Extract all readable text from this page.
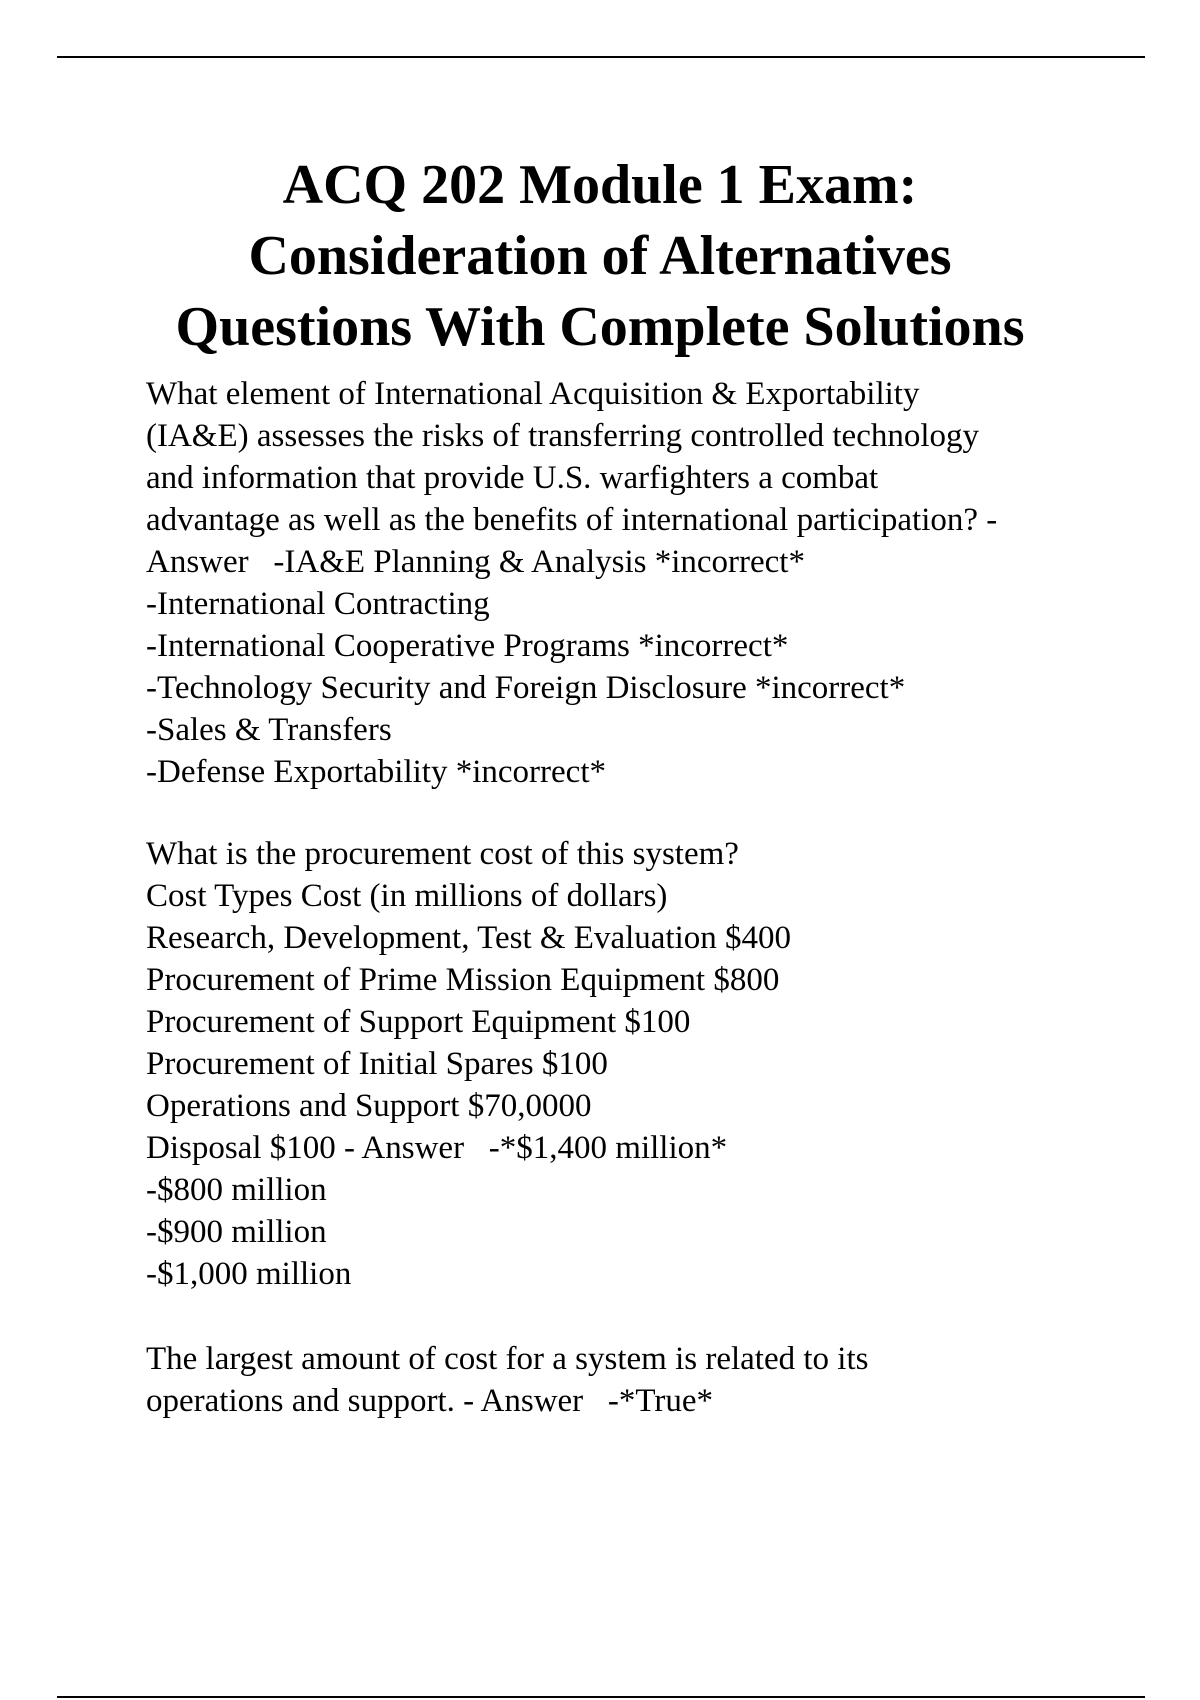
ACQ 202 Module 1 Exam:
Consideration of Alternatives
Questions With Complete Solutions
What element of International Acquisition & Exportability
(IA&E) assesses the risks of transferring controlled technology
and information that provide U.S. warfighters a combat
advantage as well as the benefits of international participation? -
Answer   -IA&E Planning & Analysis *incorrect*
-International Contracting
-International Cooperative Programs *incorrect*
-Technology Security and Foreign Disclosure *incorrect*
-Sales & Transfers
-Defense Exportability *incorrect*
What is the procurement cost of this system?
Cost Types Cost (in millions of dollars)
Research, Development, Test & Evaluation $400
Procurement of Prime Mission Equipment $800
Procurement of Support Equipment $100
Procurement of Initial Spares $100
Operations and Support $70,0000
Disposal $100 - Answer   -*$1,400 million*
-$800 million
-$900 million
-$1,000 million
The largest amount of cost for a system is related to its
operations and support. - Answer   -*True*
